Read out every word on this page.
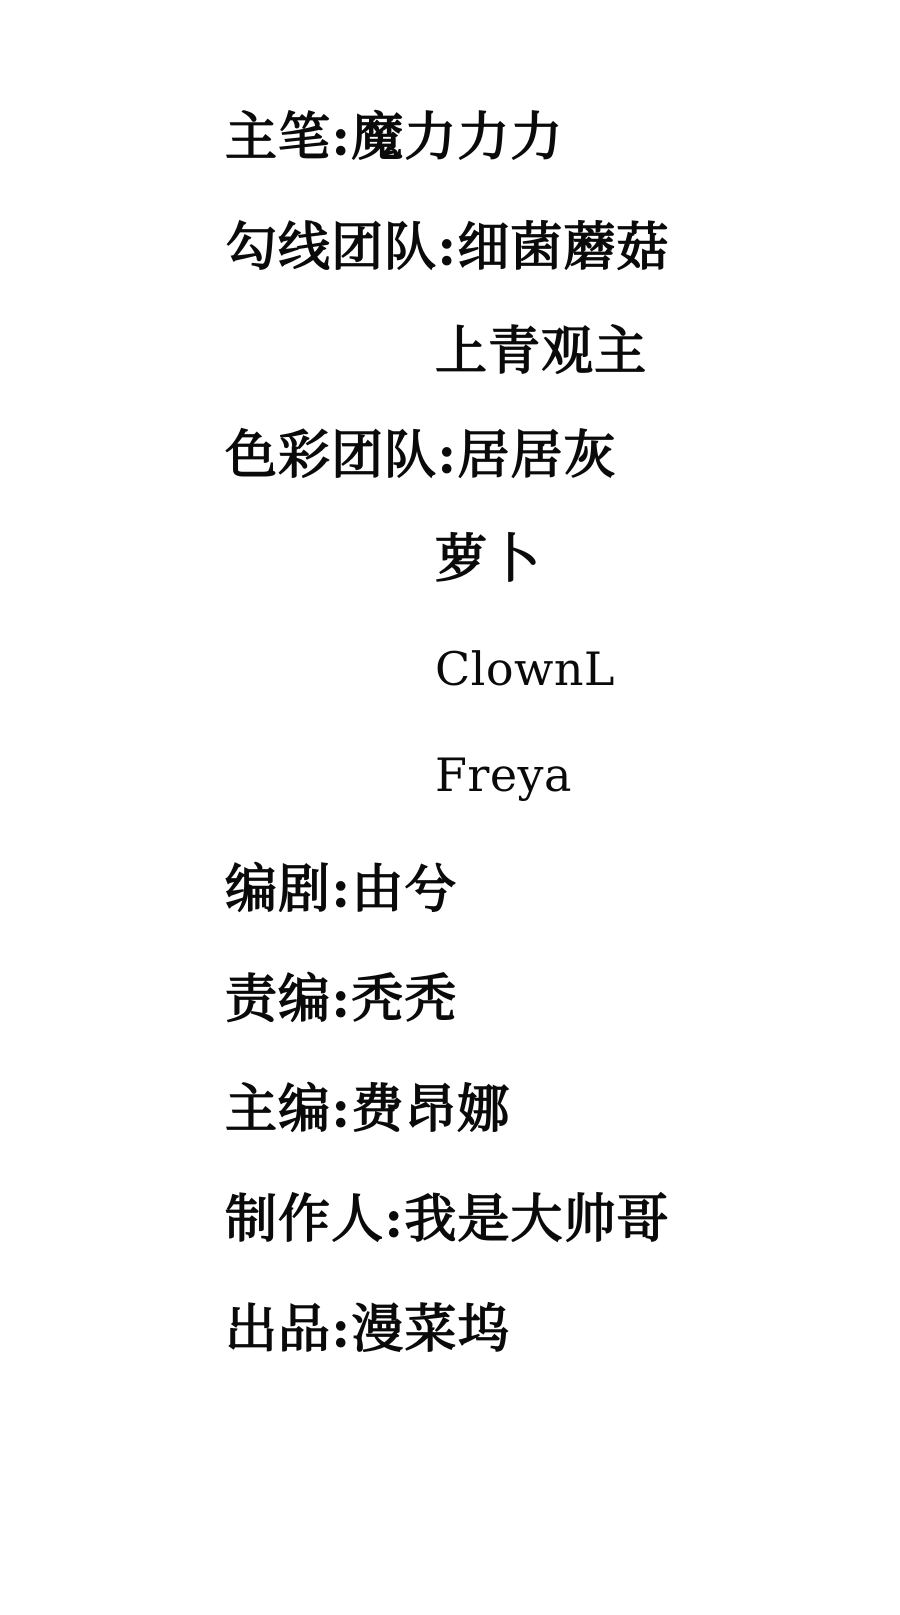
主笔:魔力力力
勾线团队:细菌蘑菇
上青观主
色彩团队:居居灰
萝卜
ClownL
Freya
编剧:由兮
责编:秃秃
主编:费昂娜
制作人:我是大帅哥
出品:漫菜坞
